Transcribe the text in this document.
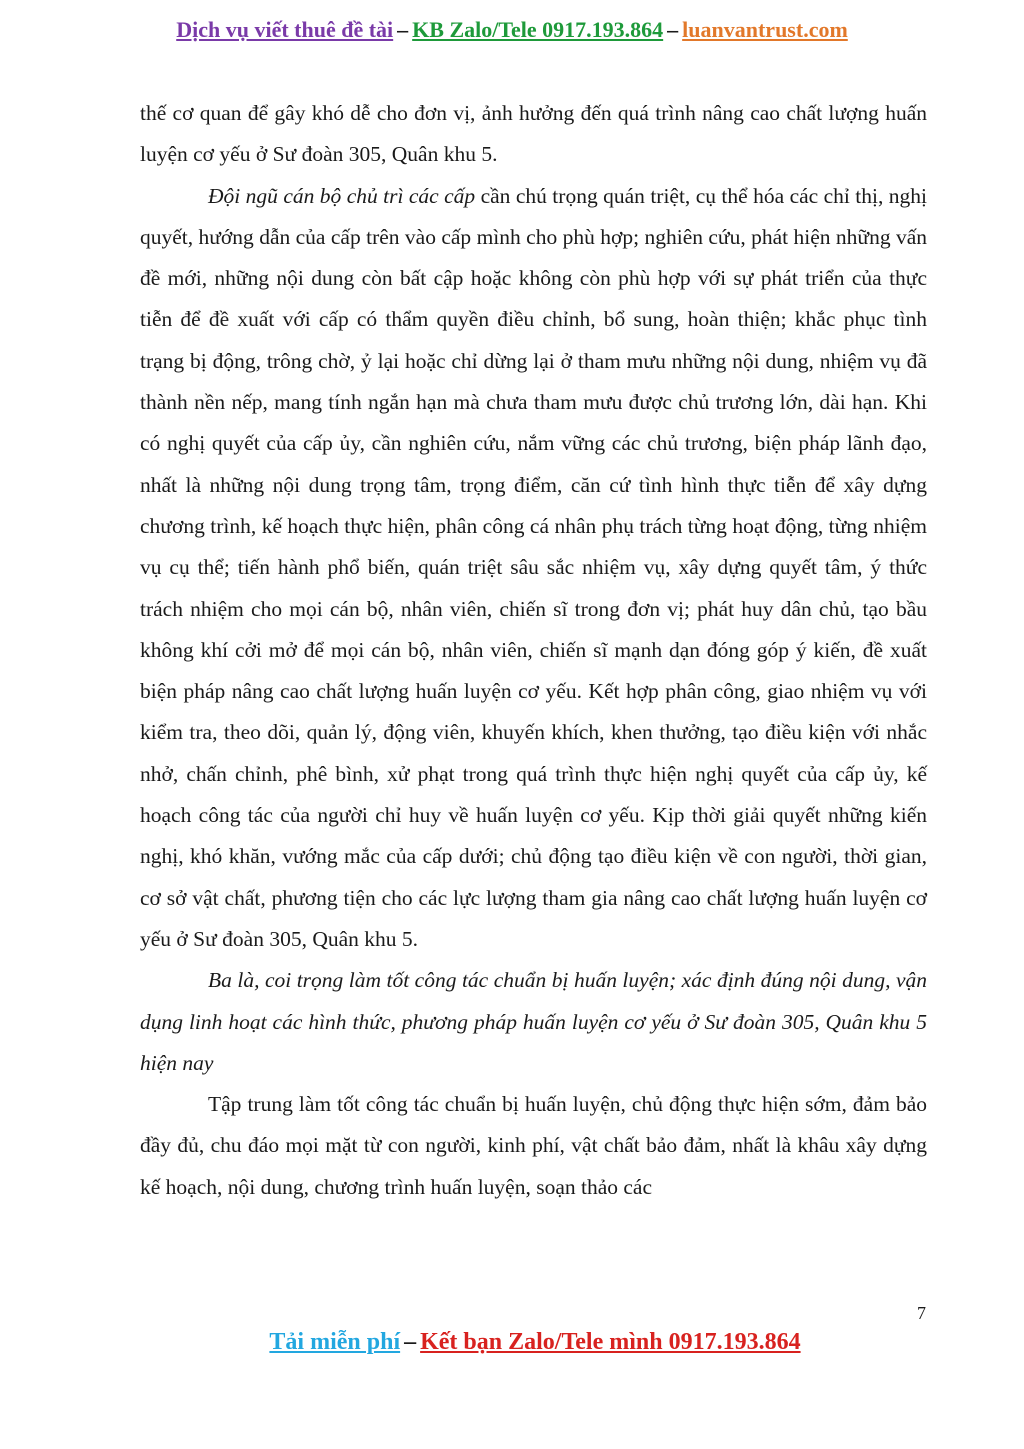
Dịch vụ viết thuê đề tài – KB Zalo/Tele 0917.193.864 – luanvantrust.com

thế cơ quan để gây khó dễ cho đơn vị, ảnh hưởng đến quá trình nâng cao chất lượng huấn luyện cơ yếu ở Sư đoàn 305, Quân khu 5.

Đội ngũ cán bộ chủ trì các cấp cần chú trọng quán triệt, cụ thể hóa các chỉ thị, nghị quyết, hướng dẫn của cấp trên vào cấp mình cho phù hợp; nghiên cứu, phát hiện những vấn đề mới, những nội dung còn bất cập hoặc không còn phù hợp với sự phát triển của thực tiễn để đề xuất với cấp có thẩm quyền điều chỉnh, bổ sung, hoàn thiện; khắc phục tình trạng bị động, trông chờ, ỷ lại hoặc chỉ dừng lại ở tham mưu những nội dung, nhiệm vụ đã thành nền nếp, mang tính ngắn hạn mà chưa tham mưu được chủ trương lớn, dài hạn. Khi có nghị quyết của cấp ủy, cần nghiên cứu, nắm vững các chủ trương, biện pháp lãnh đạo, nhất là những nội dung trọng tâm, trọng điểm, căn cứ tình hình thực tiễn để xây dựng chương trình, kế hoạch thực hiện, phân công cá nhân phụ trách từng hoạt động, từng nhiệm vụ cụ thể; tiến hành phổ biến, quán triệt sâu sắc nhiệm vụ, xây dựng quyết tâm, ý thức trách nhiệm cho mọi cán bộ, nhân viên, chiến sĩ trong đơn vị; phát huy dân chủ, tạo bầu không khí cởi mở để mọi cán bộ, nhân viên, chiến sĩ mạnh dạn đóng góp ý kiến, đề xuất biện pháp nâng cao chất lượng huấn luyện cơ yếu. Kết hợp phân công, giao nhiệm vụ với kiểm tra, theo dõi, quản lý, động viên, khuyến khích, khen thưởng, tạo điều kiện với nhắc nhở, chấn chỉnh, phê bình, xử phạt trong quá trình thực hiện nghị quyết của cấp ủy, kế hoạch công tác của người chỉ huy về huấn luyện cơ yếu. Kịp thời giải quyết những kiến nghị, khó khăn, vướng mắc của cấp dưới; chủ động tạo điều kiện về con người, thời gian, cơ sở vật chất, phương tiện cho các lực lượng tham gia nâng cao chất lượng huấn luyện cơ yếu ở Sư đoàn 305, Quân khu 5.

Ba là, coi trọng làm tốt công tác chuẩn bị huấn luyện; xác định đúng nội dung, vận dụng linh hoạt các hình thức, phương pháp huấn luyện cơ yếu ở Sư đoàn 305, Quân khu 5 hiện nay

Tập trung làm tốt công tác chuẩn bị huấn luyện, chủ động thực hiện sớm, đảm bảo đầy đủ, chu đáo mọi mặt từ con người, kinh phí, vật chất bảo đảm, nhất là khâu xây dựng kế hoạch, nội dung, chương trình huấn luyện, soạn thảo các

7
Tải miễn phí – Kết bạn Zalo/Tele mình 0917.193.864
